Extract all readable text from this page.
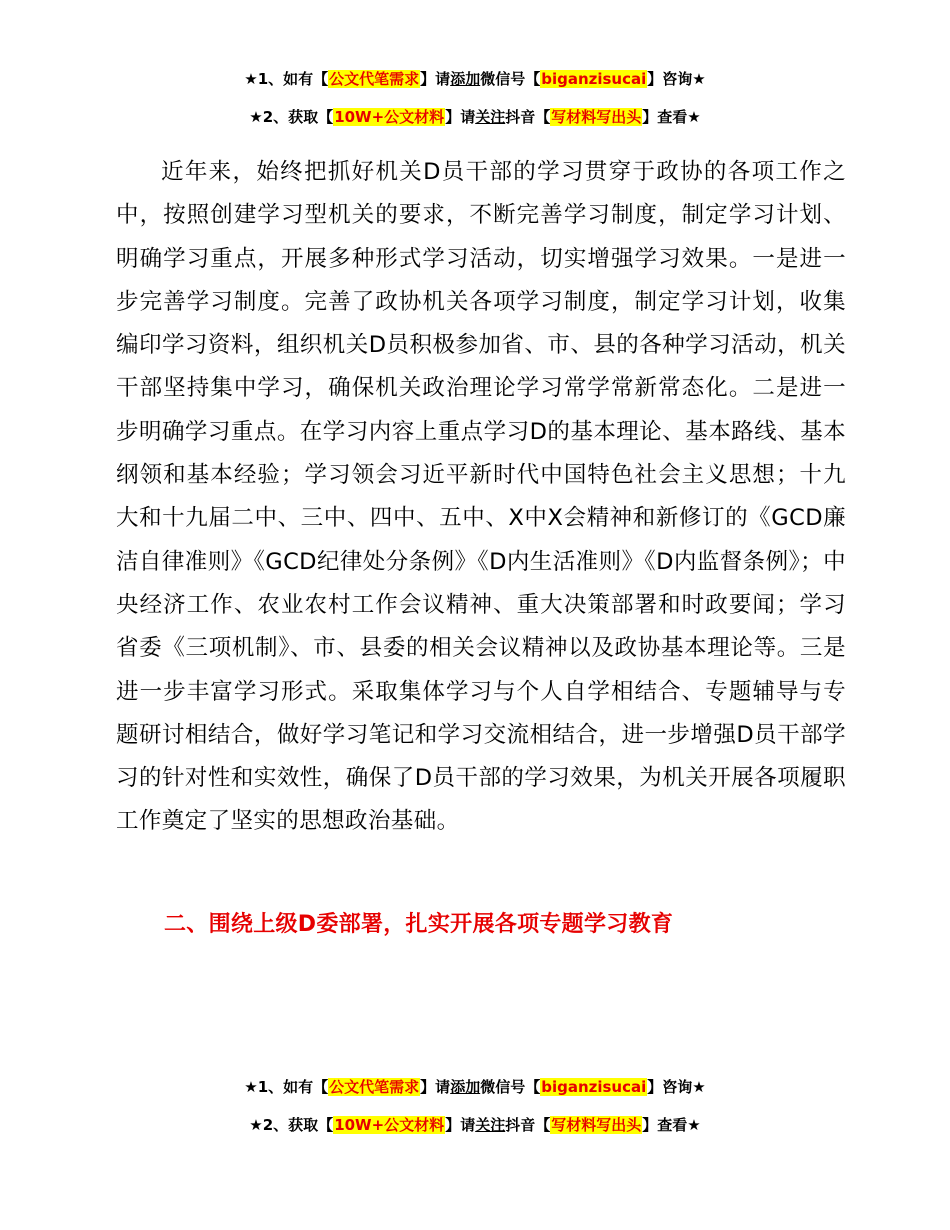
★1、如有【公文代笔需求】请添加微信号【biganzisucai】咨询★
★2、获取【10W+公文材料】请关注抖音【写材料写出头】查看★

近年来，始终把抓好机关D员干部的学习贯穿于政协的各项工作之中，按照创建学习型机关的要求，不断完善学习制度，制定学习计划、明确学习重点，开展多种形式学习活动，切实增强学习效果。一是进一步完善学习制度。完善了政协机关各项学习制度，制定学习计划，收集编印学习资料，组织机关D员积极参加省、市、县的各种学习活动，机关干部坚持集中学习，确保机关政治理论学习常学常新常态化。二是进一步明确学习重点。在学习内容上重点学习D的基本理论、基本路线、基本纲领和基本经验；学习领会习近平新时代中国特色社会主义思想；十九大和十九届二中、三中、四中、五中、X中X会精神和新修订的《GCD廉洁自律准则》《GCD纪律处分条例》《D内生活准则》《D内监督条例》；中央经济工作、农业农村工作会议精神、重大决策部署和时政要闻；学习省委《三项机制》、市、县委的相关会议精神以及政协基本理论等。三是进一步丰富学习形式。采取集体学习与个人自学相结合、专题辅导与专题研讨相结合，做好学习笔记和学习交流相结合，进一步增强D员干部学习的针对性和实效性，确保了D员干部的学习效果，为机关开展各项履职工作奠定了坚实的思想政治基础。

二、围绕上级D委部署，扎实开展各项专题学习教育
★1、如有【公文代笔需求】请添加微信号【biganzisucai】咨询★
★2、获取【10W+公文材料】请关注抖音【写材料写出头】查看★
